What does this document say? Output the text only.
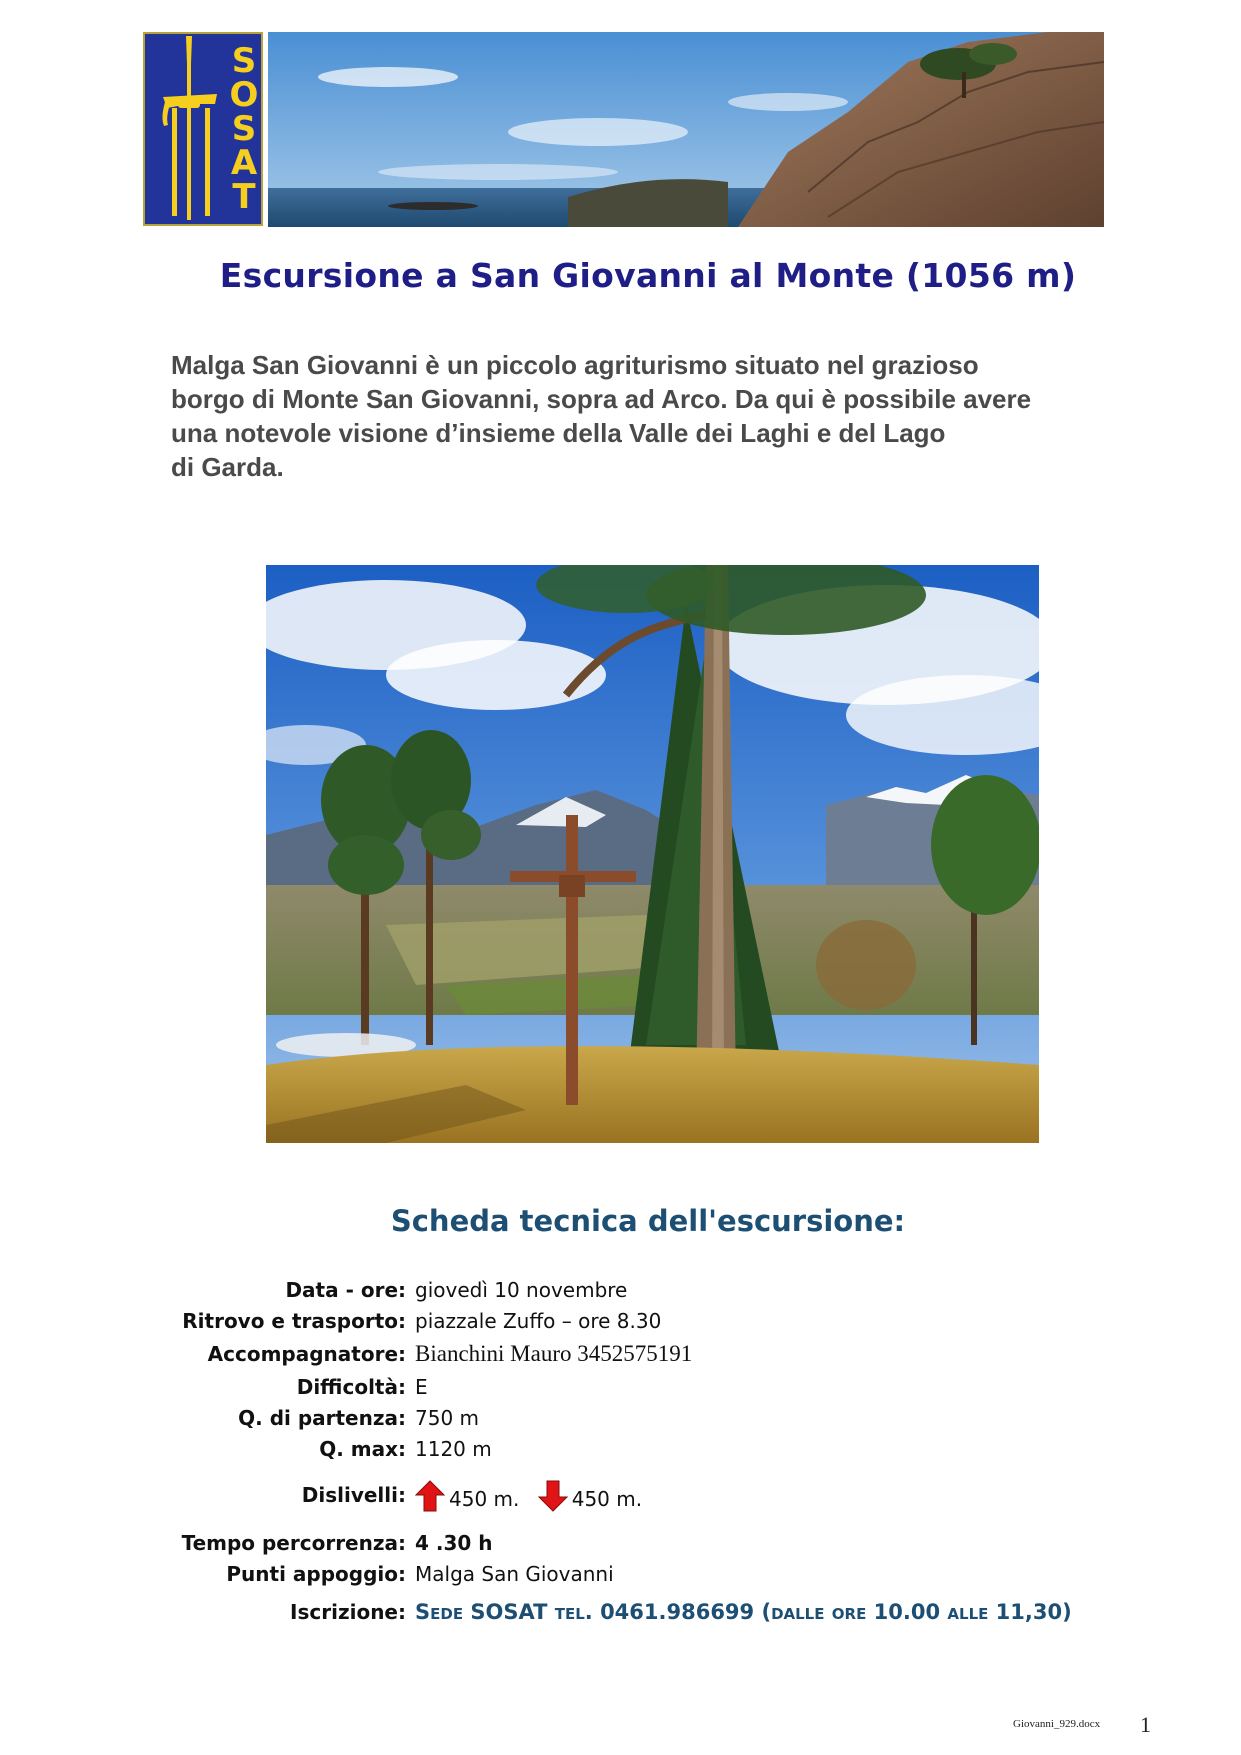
S
O
S
A
T
Escursione a San Giovanni al Monte (1056 m)

Malga San Giovanni è un piccolo agriturismo situato nel grazioso

borgo di Monte San Giovanni, sopra ad Arco. Da qui è possibile avere

una notevole visione d’insieme della Valle dei Laghi e del Lago

di Garda.

Scheda tecnica dell'escursione:
Data - ore: giovedì 10 novembre
Ritrovo e trasporto: piazzale Zuffo – ore 8.30
Accompagnatore: Bianchini Mauro 3452575191
Difficoltà: E
Q. di partenza: 750 m
Q. max: 1120 m
Dislivelli:	450 m.	450 m.
Tempo percorrenza: 4 .30 h
Punti appoggio: Malga San Giovanni
Iscrizione: Sede SOSAT tel. 0461.986699 (dalle ore 10.00 alle 11,30)
Giovanni_929.docx 1
